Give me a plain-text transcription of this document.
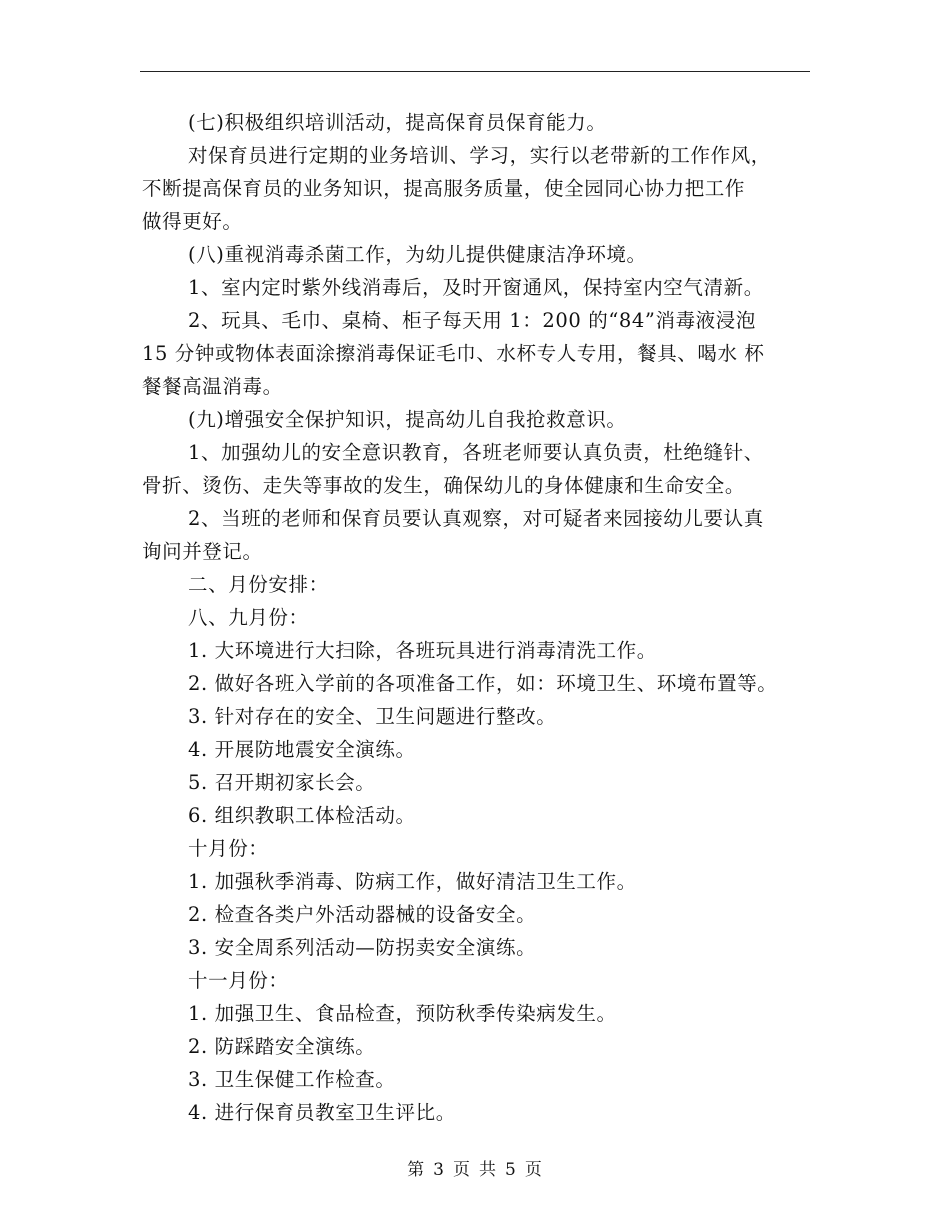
(七)积极组织培训活动，提高保育员保育能力。
对保育员进行定期的业务培训、学习，实行以老带新的工作作风，
不断提高保育员的业务知识，提高服务质量，使全园同心协力把工作
做得更好。
(八)重视消毒杀菌工作，为幼儿提供健康洁净环境。
1、室内定时紫外线消毒后，及时开窗通风，保持室内空气清新。
2、玩具、毛巾、桌椅、柜子每天用 1：200 的“84”消毒液浸泡
15 分钟或物体表面涂擦消毒保证毛巾、水杯专人专用，餐具、喝水 杯
餐餐高温消毒。
(九)增强安全保护知识，提高幼儿自我抢救意识。
1、加强幼儿的安全意识教育，各班老师要认真负责，杜绝缝针、
骨折、烫伤、走失等事故的发生，确保幼儿的身体健康和生命安全。
2、当班的老师和保育员要认真观察，对可疑者来园接幼儿要认真
询问并登记。
二、月份安排：
八、九月份：
1. 大环境进行大扫除，各班玩具进行消毒清洗工作。
2. 做好各班入学前的各项准备工作，如：环境卫生、环境布置等。
3. 针对存在的安全、卫生问题进行整改。
4. 开展防地震安全演练。
5. 召开期初家长会。
6. 组织教职工体检活动。
十月份：
1. 加强秋季消毒、防病工作，做好清洁卫生工作。
2. 检查各类户外活动器械的设备安全。
3. 安全周系列活动—防拐卖安全演练。
十一月份：
1. 加强卫生、食品检查，预防秋季传染病发生。
2. 防踩踏安全演练。
3. 卫生保健工作检查。
4. 进行保育员教室卫生评比。
第 3 页 共 5 页
